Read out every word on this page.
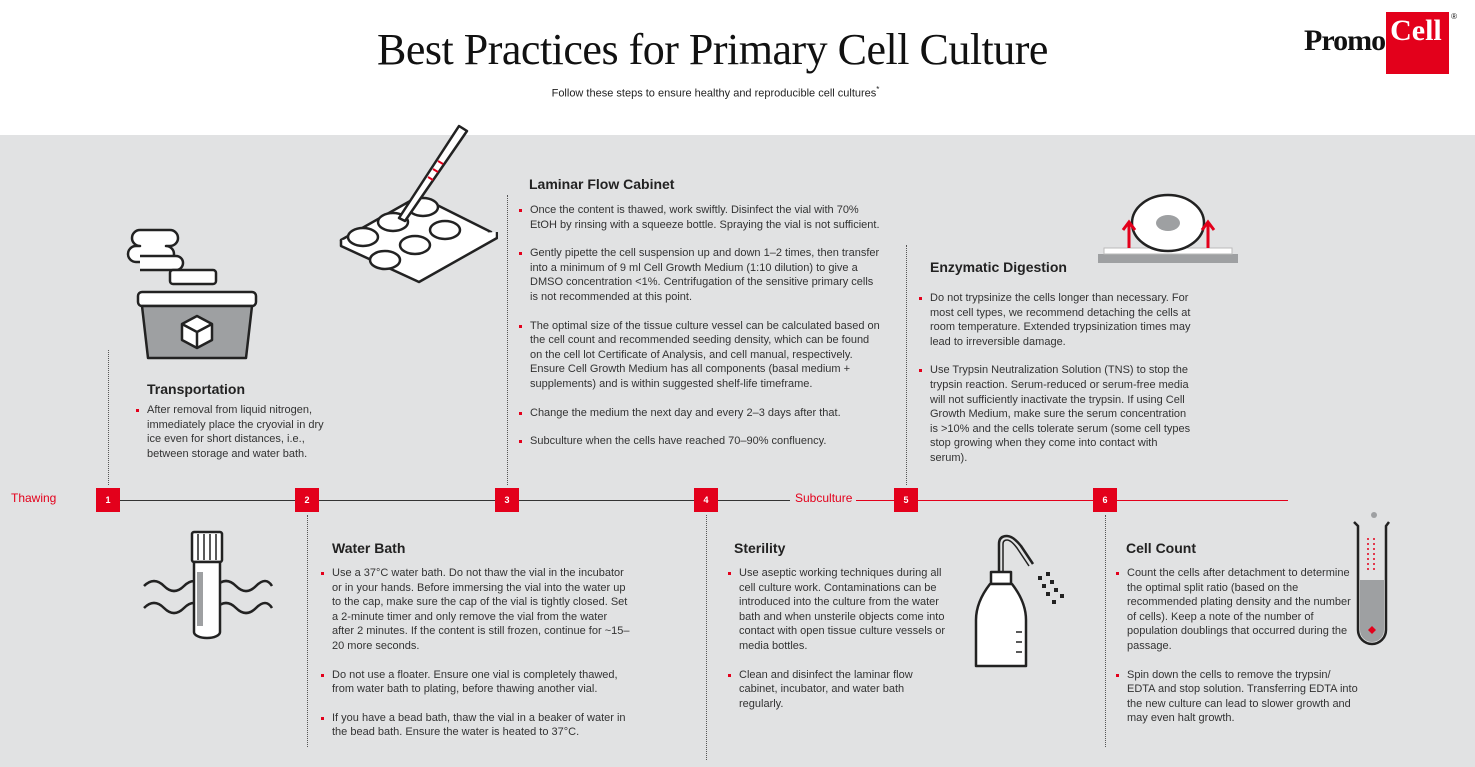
Best Practices for Primary Cell Culture
Follow these steps to ensure healthy and reproducible cell cultures*
Promo Cell	®
Thawing	Subculture
1	2	3	4	5	6
Transportation
After removal from liquid nitrogen, immediately place the cryovial in dry ice even for short distances, i.e., between storage and water bath.
Water Bath
Use a 37°C water bath. Do not thaw the vial in the incubator or in your hands. Before immersing the vial into the water up to the cap, make sure the cap of the vial is tightly closed. Set a 2-minute timer and only remove the vial from the water after 2 minutes. If the content is still frozen, continue for ~15–20 more seconds.
Do not use a floater. Ensure one vial is completely thawed, from water bath to plating, before thawing another vial.
If you have a bead bath, thaw the vial in a beaker of water in the bead bath. Ensure the water is heated to 37°C.
Laminar Flow Cabinet
Once the content is thawed, work swiftly. Disinfect the vial with 70% EtOH by rinsing with a squeeze bottle. Spraying the vial is not sufficient.
Gently pipette the cell suspension up and down 1–2 times, then transfer into a minimum of 9 ml Cell Growth Medium (1:10 dilution) to give a DMSO concentration <1%. Centrifugation of the sensitive primary cells is not recommended at this point.
The optimal size of the tissue culture vessel can be calculated based on the cell count and recommended seeding density, which can be found on the cell lot Certificate of Analysis, and cell manual, respectively. Ensure Cell Growth Medium has all components (basal medium + supplements) and is within suggested shelf-life timeframe.
Change the medium the next day and every 2–3 days after that.
Subculture when the cells have reached 70–90% confluency.
Sterility
Use aseptic working techniques during all cell culture work. Contaminations can be introduced into the culture from the water bath and when unsterile objects come into contact with open tissue culture vessels or media bottles.
Clean and disinfect the laminar flow cabinet, incubator, and water bath regularly.
Enzymatic Digestion
Do not trypsinize the cells longer than necessary. For most cell types, we recommend detaching the cells at room temperature. Extended trypsinization times may lead to irreversible damage.
Use Trypsin Neutralization Solution (TNS) to stop the trypsin reaction. Serum-reduced or serum-free media will not sufficiently inactivate the trypsin. If using Cell Growth Medium, make sure the serum concentration is >10% and the cells tolerate serum (some cell types stop growing when they come into contact with serum).
Cell Count
Count the cells after detachment to determine the optimal split ratio (based on the recommended plating density and the number of cells). Keep a note of the number of population doublings that occurred during the passage.
Spin down the cells to remove the trypsin/ EDTA and stop solution. Transferring EDTA into the new culture can lead to slower growth and may even halt growth.
